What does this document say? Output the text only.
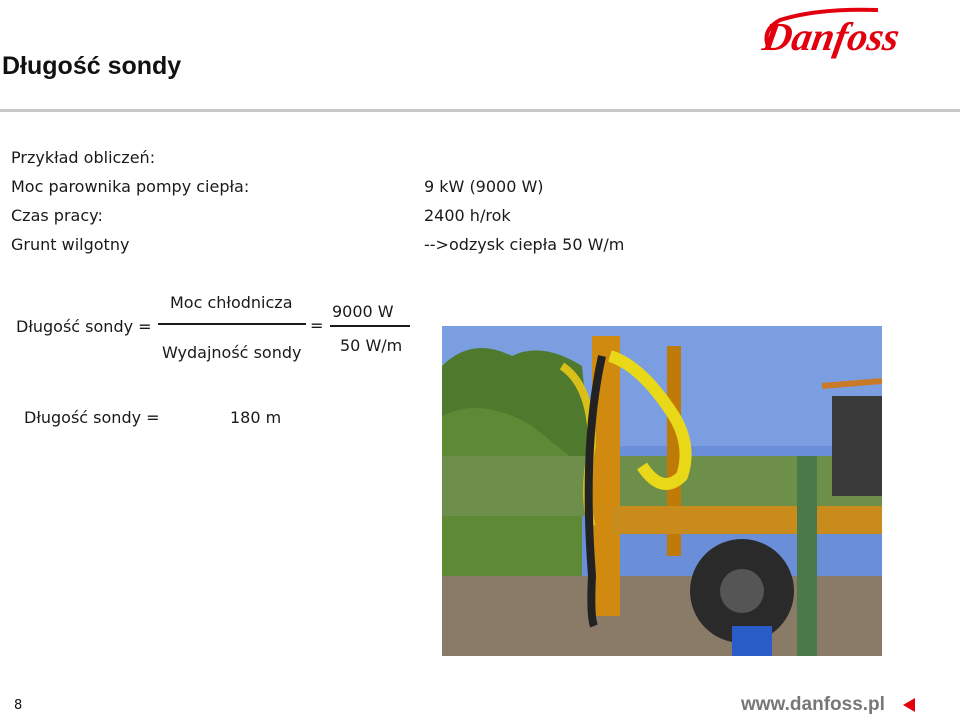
Długość sondy
Danfoss
Przykład obliczeń:
Moc parownika pompy ciepła:	9 kW (9000 W)
Czas pracy:	2400 h/rok
Grunt wilgotny	-->odzysk ciepła 50 W/m
Długość sondy =
Moc chłodnicza
Wydajność sondy
=
9000 W
50 W/m
Długość sondy =	180 m
8	www.danfoss.pl
